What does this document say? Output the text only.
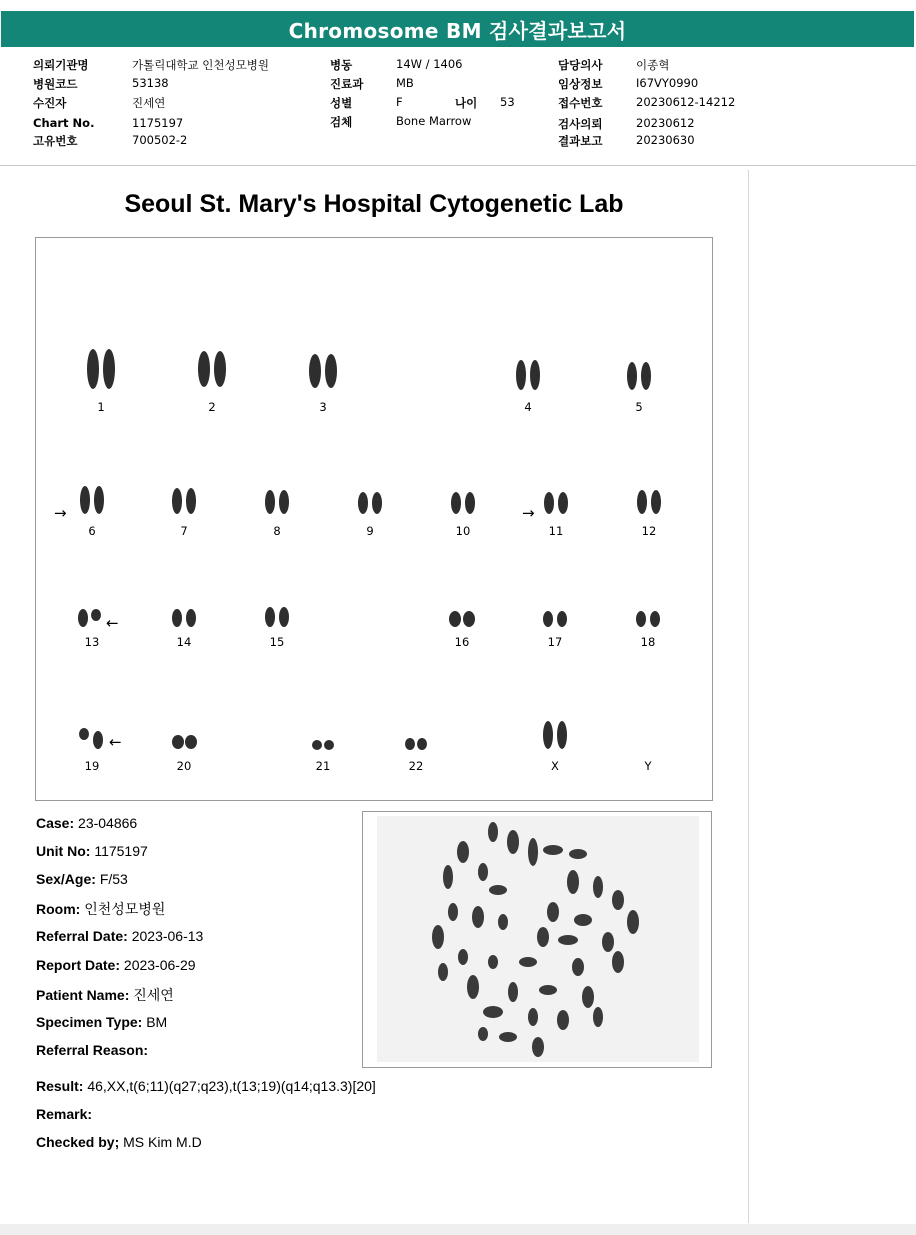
Chromosome BM 검사결과보고서
의뢰기관명	가톨릭대학교 인천성모병원
병원코드	53138
수진자	진세연
Chart No.	1175197
고유번호	700502-2
병동	14W / 1406
진료과	MB
성별	F	나이 53
검체	Bone Marrow
담당의사	이종혁
임상정보	I67VY0990
접수번호	20230612-14212
검사의뢰	20230612
결과보고	20230630
Seoul St. Mary's Hospital Cytogenetic Lab
1	2	3	4	5
6	7	8	9	10	11	12
13	14	15	16	17	18
19	20	21	22	X	Y
→	→
←
←
Case: 23-04866
Unit No: 1175197
Sex/Age: F/53
Room: 인천성모병원
Referral Date: 2023-06-13
Report Date: 2023-06-29
Patient Name: 진세연
Specimen Type: BM
Referral Reason:
Result: 46,XX,t(6;11)(q27;q23),t(13;19)(q14;q13.3)[20]
Remark:
Checked by; MS Kim M.D
